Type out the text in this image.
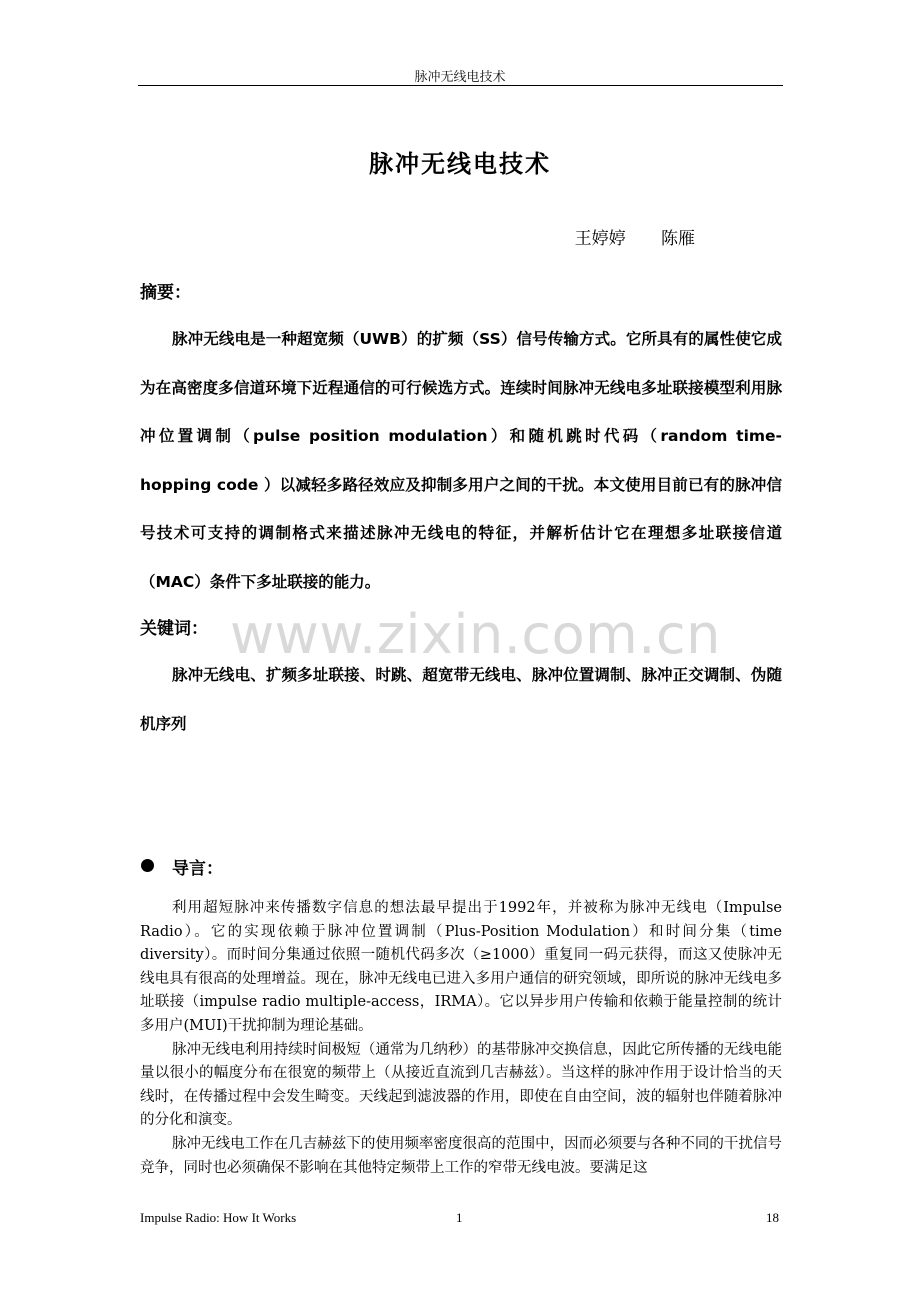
脉冲无线电技术
脉冲无线电技术
王婷婷 陈雁
摘要：

脉冲无线电是一种超宽频（UWB）的扩频（SS）信号传输方式。它所具有的属性使它成为在高密度多信道环境下近程通信的可行候选方式。连续时间脉冲无线电多址联接模型利用脉冲位置调制（pulse position modulation）和随机跳时代码（random time-hopping code ）以减轻多路径效应及抑制多用户之间的干扰。本文使用目前已有的脉冲信号技术可支持的调制格式来描述脉冲无线电的特征，并解析估计它在理想多址联接信道（MAC）条件下多址联接的能力。

www.zixin.com.cn
关键词：

脉冲无线电、扩频多址联接、时跳、超宽带无线电、脉冲位置调制、脉冲正交调制、伪随机序列

导言：

利用超短脉冲来传播数字信息的想法最早提出于1992年，并被称为脉冲无线电（Impulse Radio）。它的实现依赖于脉冲位置调制（Plus-Position Modulation）和时间分集（time diversity）。而时间分集通过依照一随机代码多次（≥1000）重复同一码元获得，而这又使脉冲无线电具有很高的处理增益。现在，脉冲无线电已进入多用户通信的研究领域，即所说的脉冲无线电多址联接（impulse radio multiple-access，IRMA）。它以异步用户传输和依赖于能量控制的统计多用户(MUI)干扰抑制为理论基础。

脉冲无线电利用持续时间极短（通常为几纳秒）的基带脉冲交换信息，因此它所传播的无线电能量以很小的幅度分布在很宽的频带上（从接近直流到几吉赫兹）。当这样的脉冲作用于设计恰当的天线时，在传播过程中会发生畸变。天线起到滤波器的作用，即使在自由空间，波的辐射也伴随着脉冲的分化和演变。

脉冲无线电工作在几吉赫兹下的使用频率密度很高的范围中，因而必须要与各种不同的干扰信号竞争，同时也必须确保不影响在其他特定频带上工作的窄带无线电波。要满足这

Impulse Radio: How It Works	1	18
